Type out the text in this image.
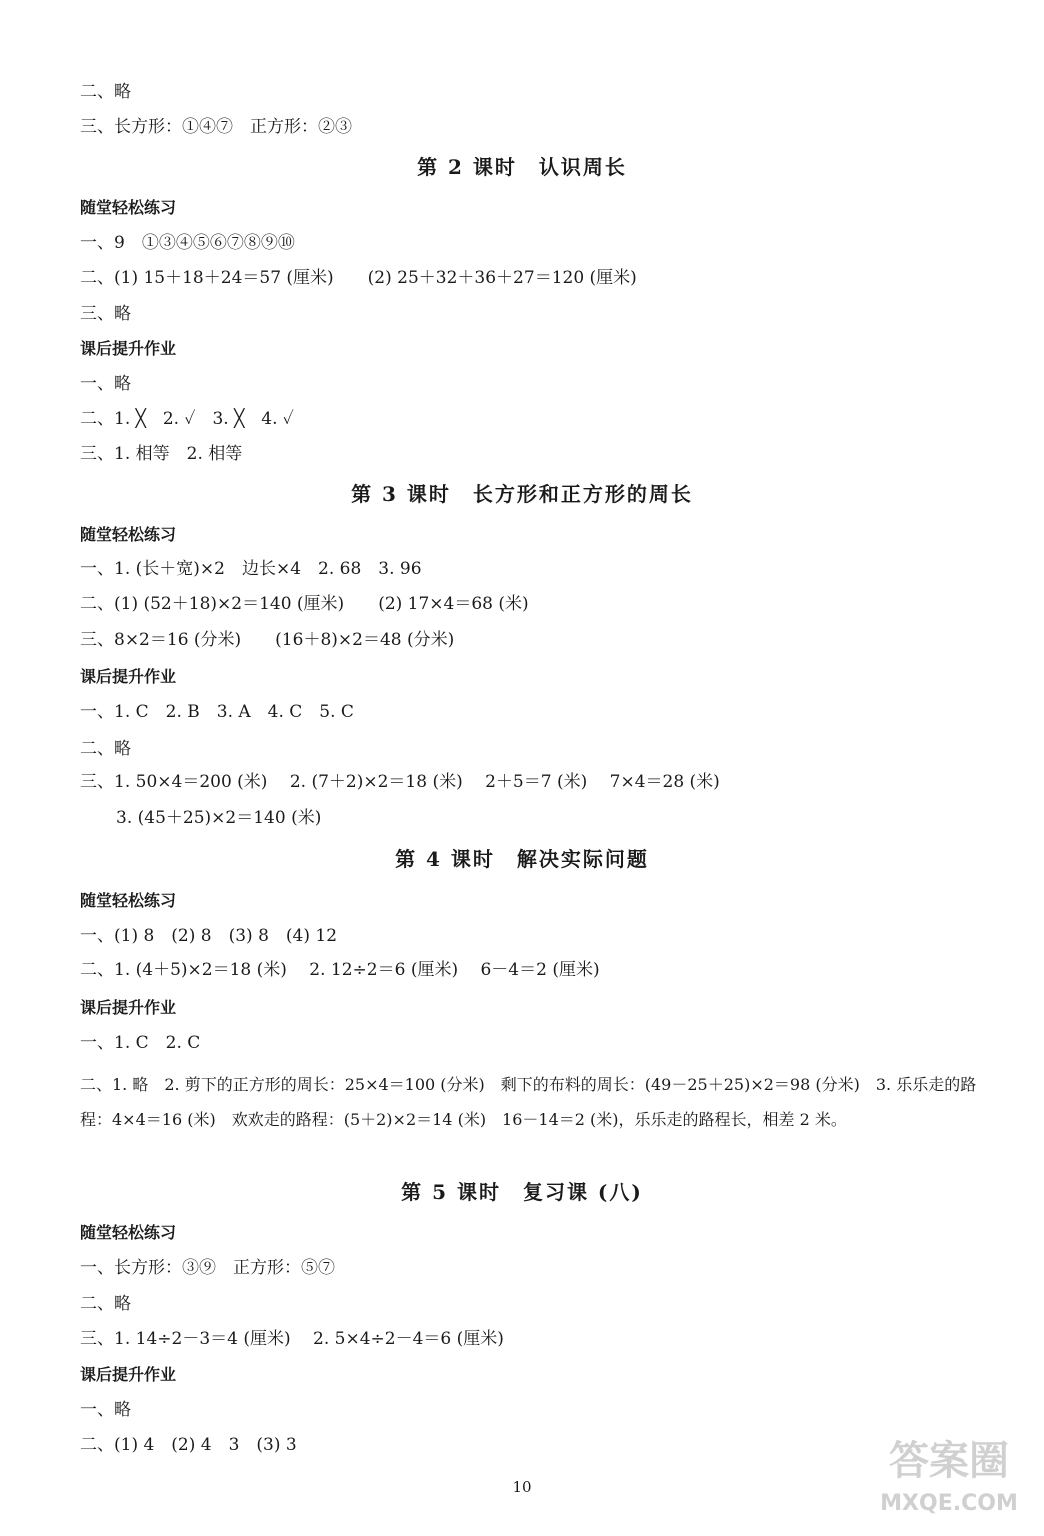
二、略
三、长方形：①④⑦　正方形：②③
第 2 课时　认识周长
随堂轻松练习
一、9　①③④⑤⑥⑦⑧⑨⑩
二、(1) 15＋18＋24＝57 (厘米)　　(2) 25＋32＋36＋27＝120 (厘米)
三、略
课后提升作业
一、略
二、1. ╳　2. ✓　3. ╳　4. ✓
三、1. 相等　2. 相等
第 3 课时　长方形和正方形的周长
随堂轻松练习
一、1. (长＋宽)×2　边长×4　2. 68　3. 96
二、(1) (52＋18)×2＝140 (厘米)　　(2) 17×4＝68 (米)
三、8×2＝16 (分米)　　(16＋8)×2＝48 (分米)
课后提升作业
一、1. C　2. B　3. A　4. C　5. C
二、略
三、1. 50×4＝200 (米)　 2. (7＋2)×2＝18 (米)　 2＋5＝7 (米)　 7×4＝28 (米)
3. (45＋25)×2＝140 (米)
第 4 课时　解决实际问题
随堂轻松练习
一、(1) 8　(2) 8　(3) 8　(4) 12
二、1. (4＋5)×2＝18 (米)　 2. 12÷2＝6 (厘米)　 6－4＝2 (厘米)
课后提升作业
一、1. C　2. C
二、1. 略　2. 剪下的正方形的周长：25×4＝100 (分米)　剩下的布料的周长：(49－25＋25)×2＝98 (分米)　3. 乐乐走的路程：4×4＝16 (米)　欢欢走的路程：(5＋2)×2＝14 (米)　16－14＝2 (米)，乐乐走的路程长，相差 2 米。
第 5 课时　复习课 (八)
随堂轻松练习
一、长方形：③⑨　正方形：⑤⑦
二、略
三、1. 14÷2－3＝4 (厘米)　 2. 5×4÷2－4＝6 (厘米)
课后提升作业
一、略
二、(1) 4　(2) 4　3　(3) 3
10
答案圈
MXQE.COM
